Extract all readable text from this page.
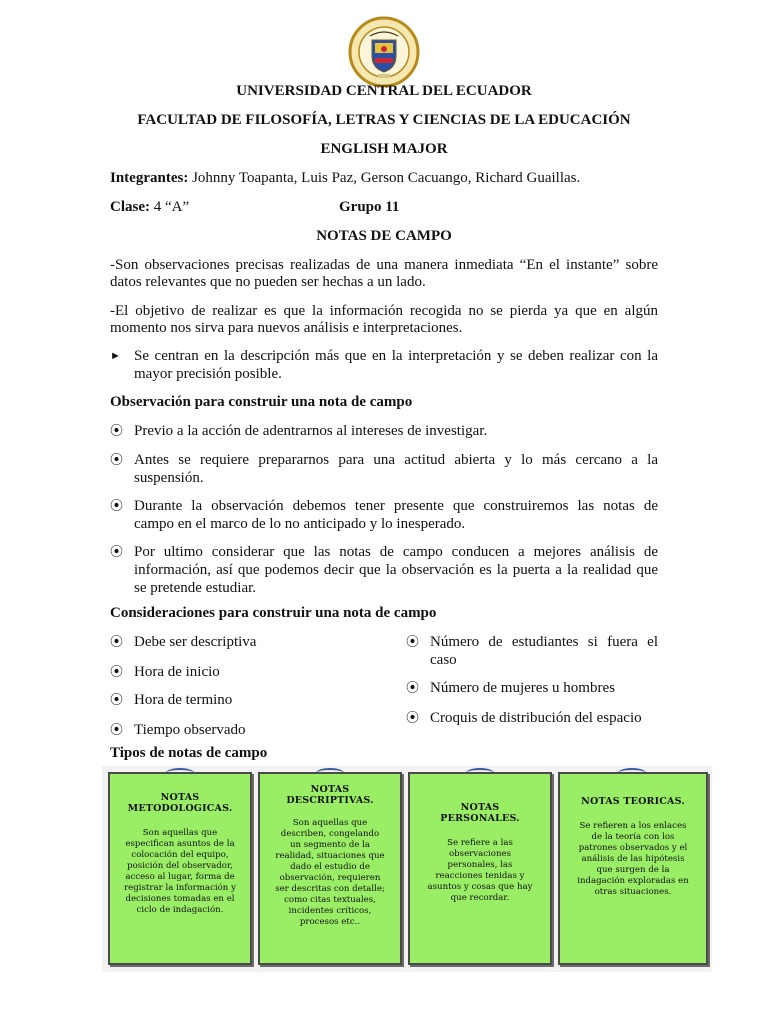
UNIVERSIDAD CENTRAL DEL ECUADOR
FACULTAD DE FILOSOFÍA, LETRAS Y CIENCIAS DE LA EDUCACIÓN
ENGLISH MAJOR
Integrantes: Johnny Toapanta, Luis Paz, Gerson Cacuango, Richard Guaillas.
Clase: 4 “A”	Grupo 11
NOTAS DE CAMPO
-Son observaciones precisas realizadas de una manera inmediata “En el instante” sobre
datos relevantes que no pueden ser hechas a un lado.
-El objetivo de realizar es que la información recogida no se pierda ya que en algún
momento nos sirva para nuevos análisis e interpretaciones.
► Se centran en la descripción más que en la interpretación y se deben realizar con la
mayor precisión posible.
Observación para construir una nota de campo
⦿ Previo a la acción de adentrarnos al intereses de investigar.
⦿ Antes se requiere prepararnos para una actitud abierta y lo más cercano a la
suspensión.
⦿ Durante la observación debemos tener presente que construiremos las notas de
campo en el marco de lo no anticipado y lo inesperado.
⦿ Por ultimo considerar que las notas de campo conducen a mejores análisis de
información, así que podemos decir que la observación es la puerta a la realidad que
se pretende estudiar.
Consideraciones para construir una nota de campo
⦿ Debe ser descriptiva
⦿ Hora de inicio
⦿ Hora de termino
⦿ Tiempo observado
⦿ Número de estudiantes si fuera el
caso
⦿ Número de mujeres u hombres
⦿ Croquis de distribución del espacio
Tipos de notas de campo
NOTAS
METODOLOGICAS.
Son aquellas que
especifican asuntos de la
colocación del equipo,
posición del observador,
acceso al lugar, forma de
registrar la información y
decisiones tomadas en el
ciclo de indagación.
NOTAS
DESCRIPTIVAS.
Son aquellas que
describen, congelando
un segmento de la
realidad, situaciones que
dado el estudio de
observación, requieren
ser descritas con detalle;
como citas textuales,
incidentes críticos,
procesos etc..
NOTAS
PERSONALES.
Se refiere a las
observaciones
personales, las
reacciones tenidas y
asuntos y cosas que hay
que recordar.
NOTAS TEORICAS.
Se refieren a los enlaces
de la teoría con los
patrones observados y el
análisis de las hipótesis
que surgen de la
indagación exploradas en
otras situaciones.
